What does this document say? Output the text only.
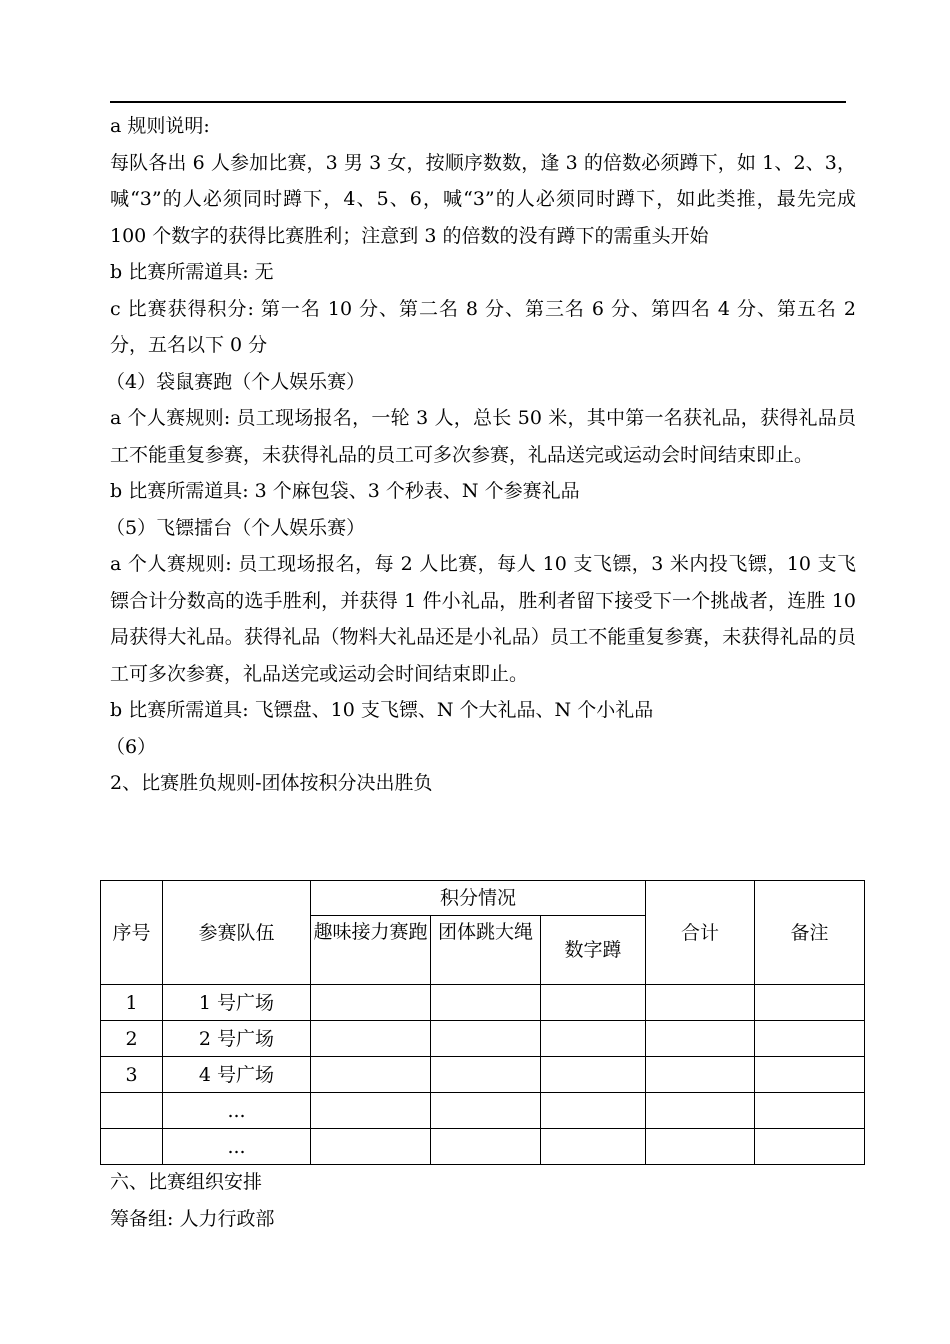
a 规则说明:

每队各出 6 人参加比赛，3 男 3 女，按顺序数数，逢 3 的倍数必须蹲下，如 1、2、3，喊“3”的人必须同时蹲下，4、5、6，喊“3”的人必须同时蹲下，如此类推，最先完成 100 个数字的获得比赛胜利；注意到 3 的倍数的没有蹲下的需重头开始

b 比赛所需道具: 无

c 比赛获得积分: 第一名 10 分、第二名 8 分、第三名 6 分、第四名 4 分、第五名 2 分，五名以下 0 分

（4）袋鼠赛跑（个人娱乐赛）

a 个人赛规则: 员工现场报名，一轮 3 人，总长 50 米，其中第一名获礼品，获得礼品员工不能重复参赛，未获得礼品的员工可多次参赛，礼品送完或运动会时间结束即止。

b 比赛所需道具: 3 个麻包袋、3 个秒表、N 个参赛礼品

（5）飞镖擂台（个人娱乐赛）

a 个人赛规则: 员工现场报名，每 2 人比赛，每人 10 支飞镖，3 米内投飞镖，10 支飞镖合计分数高的选手胜利，并获得 1 件小礼品，胜利者留下接受下一个挑战者，连胜 10 局获得大礼品。获得礼品（物料大礼品还是小礼品）员工不能重复参赛，未获得礼品的员工可多次参赛，礼品送完或运动会时间结束即止。

b 比赛所需道具: 飞镖盘、10 支飞镖、N 个大礼品、N 个小礼品

（6）

2、比赛胜负规则-团体按积分决出胜负

序号	参赛队伍	积分情况			合计	备注
		趣味接力赛跑	团体跳大绳	数字蹲		
1	1 号广场					
2	2 号广场					
3	4 号广场					
	...					
	...					

六、比赛组织安排

筹备组: 人力行政部
